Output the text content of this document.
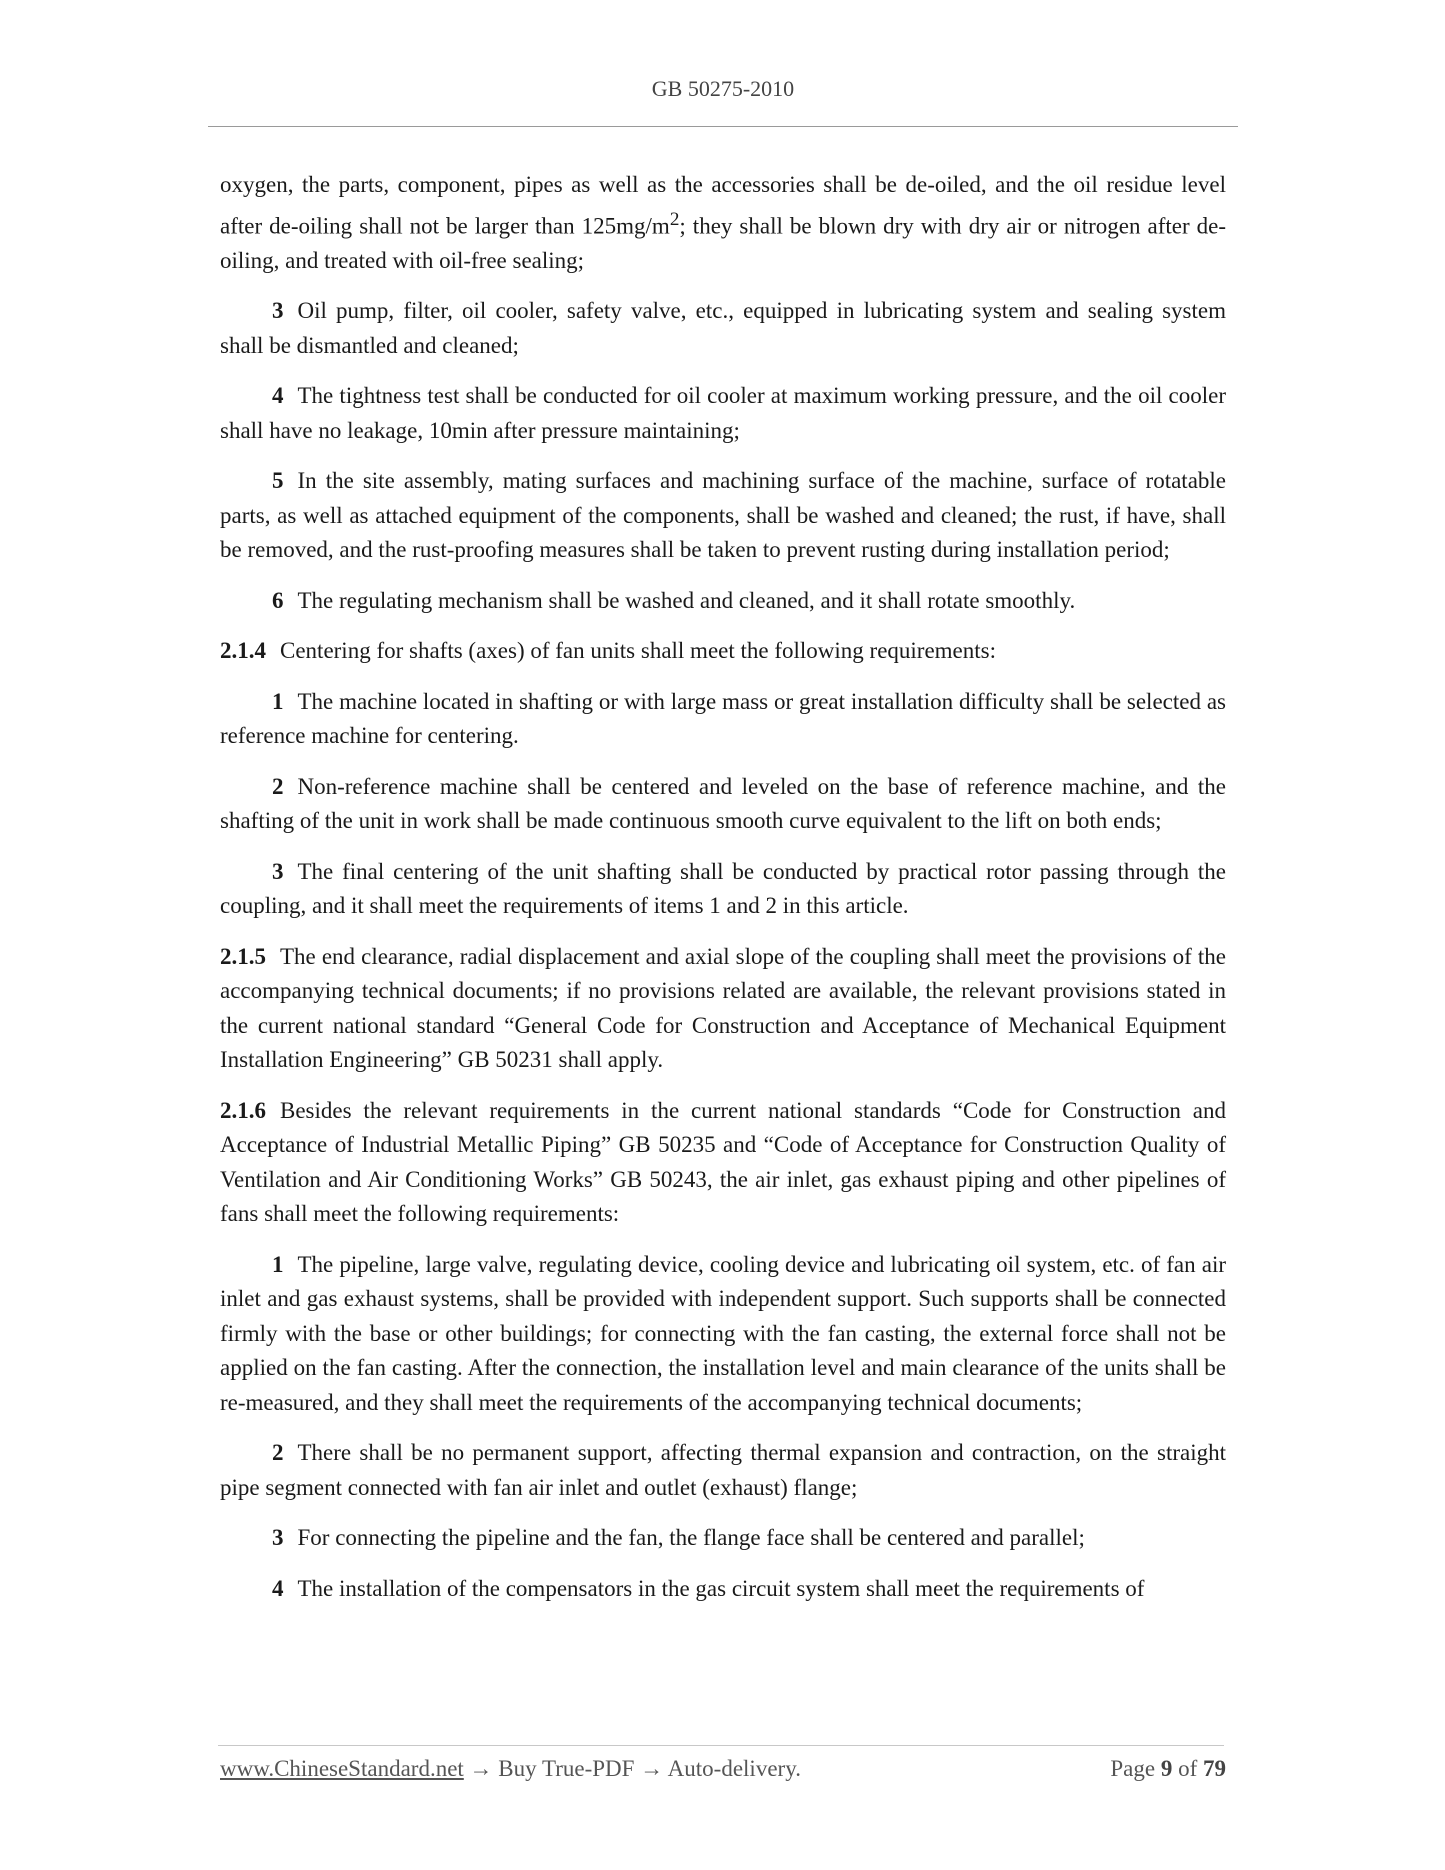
GB 50275-2010

oxygen, the parts, component, pipes as well as the accessories shall be de-oiled, and the oil residue level after de-oiling shall not be larger than $125mg/m^2$; they shall be blown dry with dry air or nitrogen after de-oiling, and treated with oil-free sealing;

3 Oil pump, filter, oil cooler, safety valve, etc., equipped in lubricating system and sealing system shall be dismantled and cleaned;

4 The tightness test shall be conducted for oil cooler at maximum working pressure, and the oil cooler shall have no leakage, 10min after pressure maintaining;

5 In the site assembly, mating surfaces and machining surface of the machine, surface of rotatable parts, as well as attached equipment of the components, shall be washed and cleaned; the rust, if have, shall be removed, and the rust-proofing measures shall be taken to prevent rusting during installation period;

6 The regulating mechanism shall be washed and cleaned, and it shall rotate smoothly.

2.1.4 Centering for shafts (axes) of fan units shall meet the following requirements:

1 The machine located in shafting or with large mass or great installation difficulty shall be selected as reference machine for centering.

2 Non-reference machine shall be centered and leveled on the base of reference machine, and the shafting of the unit in work shall be made continuous smooth curve equivalent to the lift on both ends;

3 The final centering of the unit shafting shall be conducted by practical rotor passing through the coupling, and it shall meet the requirements of items 1 and 2 in this article.

2.1.5 The end clearance, radial displacement and axial slope of the coupling shall meet the provisions of the accompanying technical documents; if no provisions related are available, the relevant provisions stated in the current national standard “General Code for Construction and Acceptance of Mechanical Equipment Installation Engineering” GB 50231 shall apply.

2.1.6 Besides the relevant requirements in the current national standards “Code for Construction and Acceptance of Industrial Metallic Piping” GB 50235 and “Code of Acceptance for Construction Quality of Ventilation and Air Conditioning Works” GB 50243, the air inlet, gas exhaust piping and other pipelines of fans shall meet the following requirements:

1 The pipeline, large valve, regulating device, cooling device and lubricating oil system, etc. of fan air inlet and gas exhaust systems, shall be provided with independent support. Such supports shall be connected firmly with the base or other buildings; for connecting with the fan casting, the external force shall not be applied on the fan casting. After the connection, the installation level and main clearance of the units shall be re-measured, and they shall meet the requirements of the accompanying technical documents;

2 There shall be no permanent support, affecting thermal expansion and contraction, on the straight pipe segment connected with fan air inlet and outlet (exhaust) flange;

3 For connecting the pipeline and the fan, the flange face shall be centered and parallel;

4 The installation of the compensators in the gas circuit system shall meet the requirements of

www.ChineseStandard.net → Buy True-PDF → Auto-delivery.	Page 9 of 79
